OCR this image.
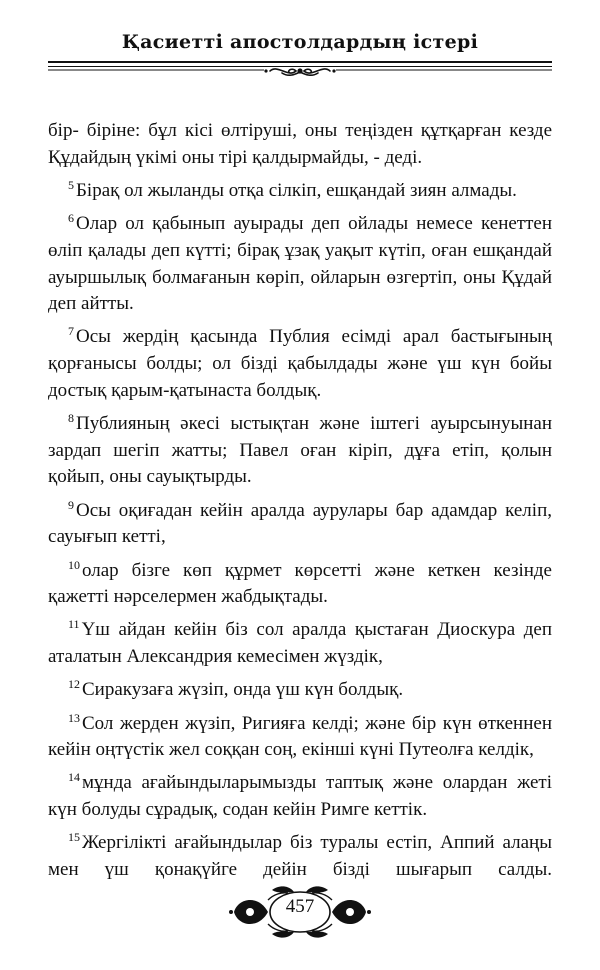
Қасиетті апостолдардың істері

бір- біріне: бұл кісі өлтіруші, оны теңізден құтқарған кезде Құдайдың үкімі оны тірі қалдырмайды, - деді.

$^5$ Бірақ ол жыланды отқа сілкіп, ешқандай зиян алмады.

$^6$ Олар ол қабынып ауырады деп ойлады немесе кенеттен өліп қалады деп күтті; бірақ ұзақ уақыт күтіп, оған ешқандай ауыршылық болмағанын көріп, ойларын өзгертіп, оны Құдай деп айтты.

$^7$ Осы жердің қасында Публия есімді арал бастығының қорғанысы болды; ол бізді қабылдады және үш күн бойы достық қарым-қатынаста болдық.

$^8$ Публияның әкесі ыстықтан және іштегі ауырсынуынан зардап шегіп жатты; Павел оған кіріп, дұға етіп, қолын қойып, оны сауықтырды.

$^9$ Осы оқиғадан кейін аралда аурулары бар адамдар келіп, сауығып кетті,

$^{10}$ олар бізге көп құрмет көрсетті және кеткен кезінде қажетті нәрселермен жабдықтады.

$^{11}$ Үш айдан кейін біз сол аралда қыстаған Диоскура деп аталатын Александрия кемесімен жүздік,

$^{12}$ Сиракузаға жүзіп, онда үш күн болдық.

$^{13}$ Сол жерден жүзіп, Ригияға келді; және бір күн өткеннен кейін оңтүстік жел соққан соң, екінші күні Путеолға келдік,

$^{14}$ мұнда ағайындыларымызды таптық және олардан жеті күн болуды сұрадық, содан кейін Римге кеттік.

$^{15}$ Жергілікті ағайындылар біз туралы естіп, Аппий алаңы мен үш қонақүйге дейін бізді шығарып салды.

457
